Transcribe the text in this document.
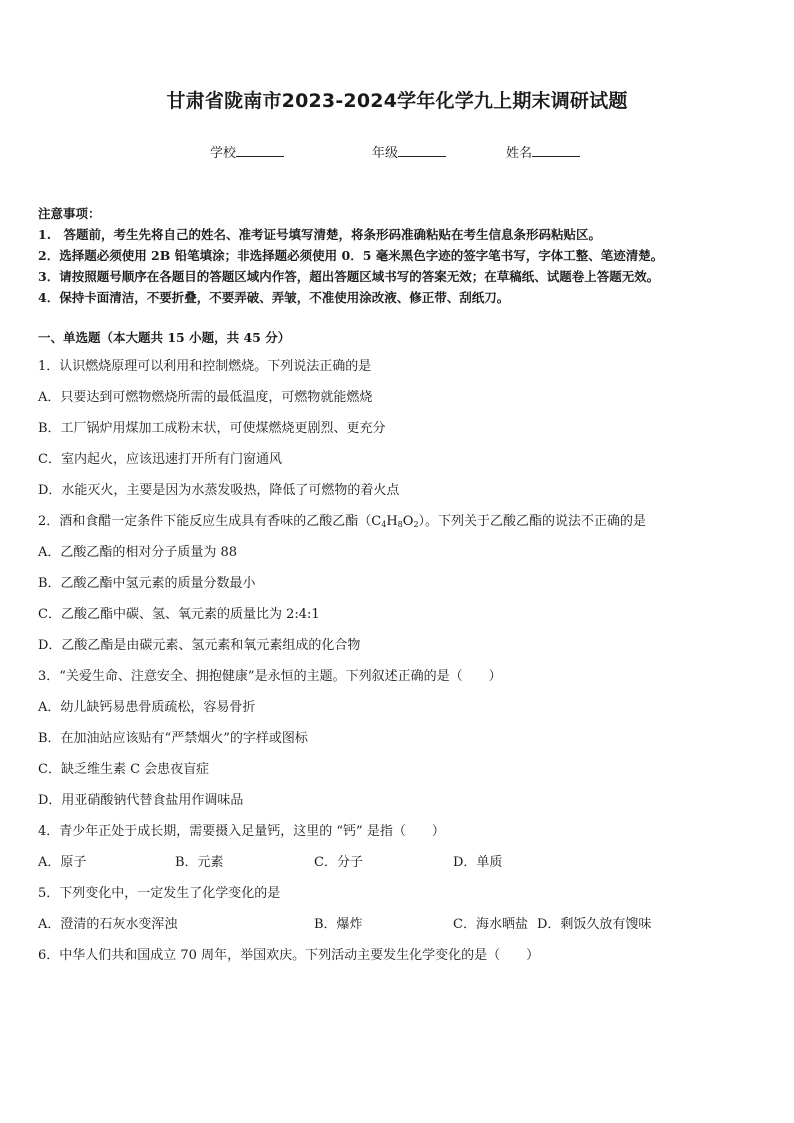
甘肃省陇南市2023-2024学年化学九上期末调研试题
学校	年级	姓名
注意事项：
1.　答题前，考生先将自己的姓名、准考证号填写清楚，将条形码准确粘贴在考生信息条形码粘贴区。
2．选择题必须使用 2B 铅笔填涂；非选择题必须使用 0．5 毫米黑色字迹的签字笔书写，字体工整、笔迹清楚。
3．请按照题号顺序在各题目的答题区域内作答，超出答题区域书写的答案无效；在草稿纸、试题卷上答题无效。
4．保持卡面清洁，不要折叠，不要弄破、弄皱，不准使用涂改液、修正带、刮纸刀。
一、单选题（本大题共 15 小题，共 45 分）
1．认识燃烧原理可以利用和控制燃烧。下列说法正确的是
A．只要达到可燃物燃烧所需的最低温度，可燃物就能燃烧
B．工厂锅炉用煤加工成粉末状，可使煤燃烧更剧烈、更充分
C．室内起火，应该迅速打开所有门窗通风
D．水能灭火，主要是因为水蒸发吸热，降低了可燃物的着火点
2．酒和食醋一定条件下能反应生成具有香味的乙酸乙酯$(C_4H_8O_2)$。下列关于乙酸乙酯的说法不正确的是
A．乙酸乙酯的相对分子质量为 88
B．乙酸乙酯中氢元素的质量分数最小
C．乙酸乙酯中碳、氢、氧元素的质量比为 2:4:1
D．乙酸乙酯是由碳元素、氢元素和氧元素组成的化合物
3．“关爱生命、注意安全、拥抱健康”是永恒的主题。下列叙述正确的是（　　）
A．幼儿缺钙易患骨质疏松，容易骨折
B．在加油站应该贴有“严禁烟火”的字样或图标
C．缺乏维生素 C 会患夜盲症
D．用亚硝酸钠代替食盐用作调味品
4．青少年正处于成长期，需要摄入足量钙，这里的 “钙” 是指（　　）
A．原子	B．元素	C．分子	D．单质
5．下列变化中，一定发生了化学变化的是
A．澄清的石灰水变浑浊	B．爆炸	C．海水晒盐 D．剩饭久放有馊味
6．中华人们共和国成立 70 周年，举国欢庆。下列活动主要发生化学变化的是（　　）
